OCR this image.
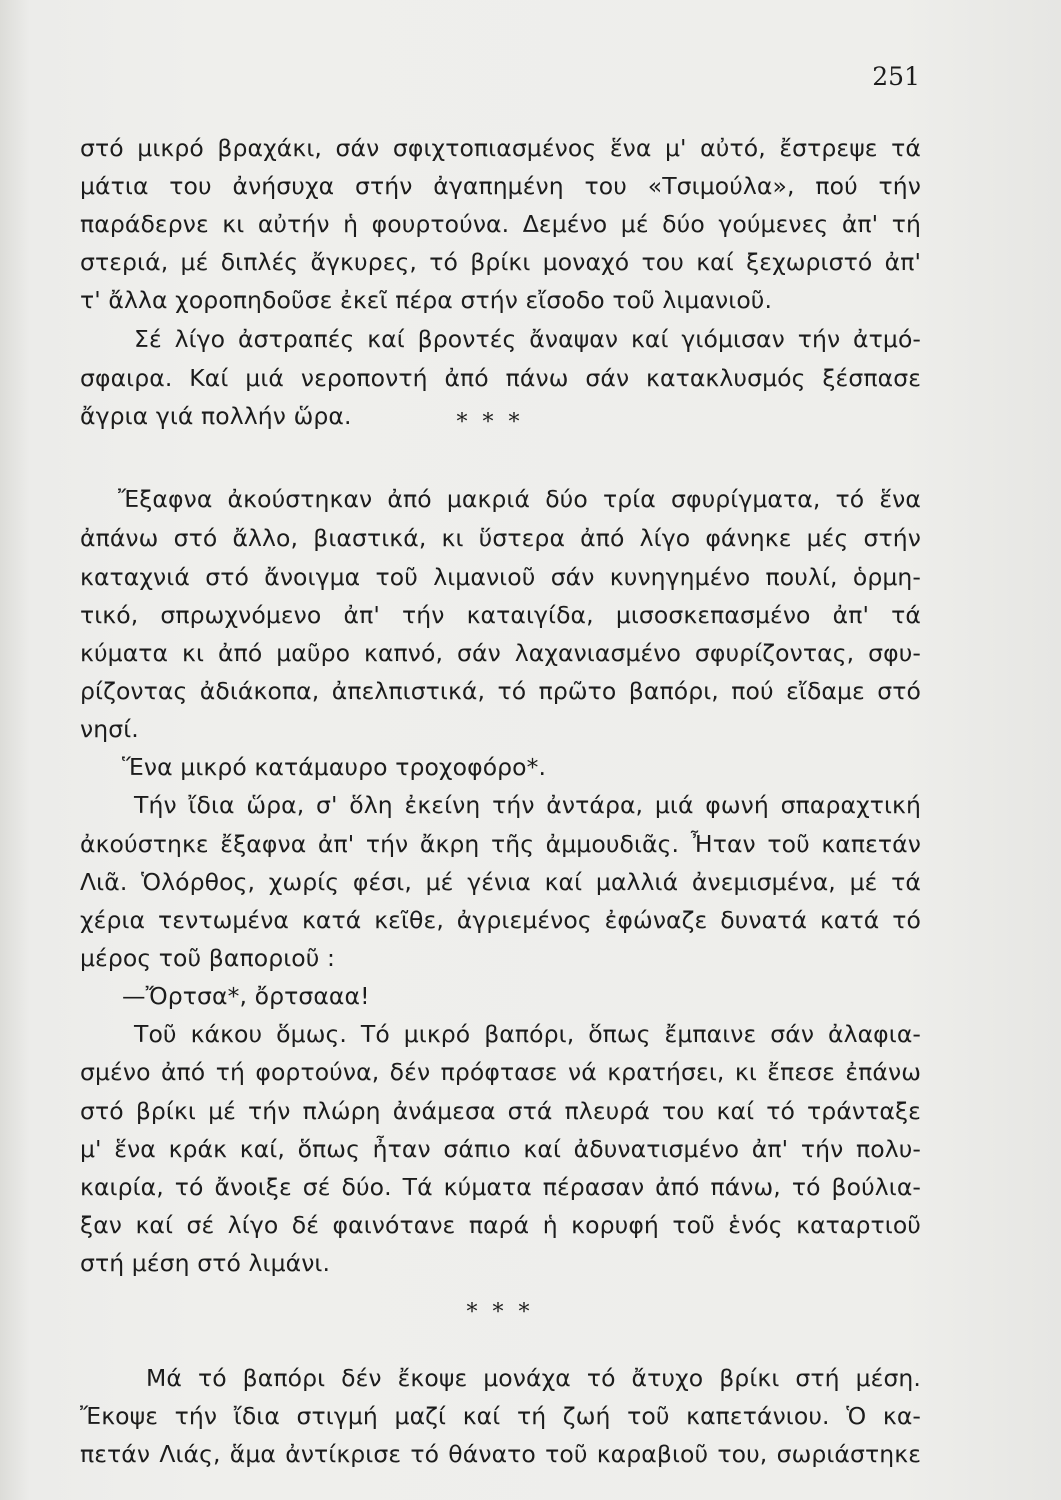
251
στό μικρό βραχάκι, σάν σφιχτοπιασμένος ἕνα μ' αὐτό, ἔστρεψε τά
μάτια του ἀνήσυχα στήν ἀγαπημένη του «Τσιμούλα», πού τήν
παράδερνε κι αὐτήν ἡ φουρτούνα. Δεμένο μέ δύο γούμενες ἀπ' τή
στεριά, μέ διπλές ἄγκυρες, τό βρίκι μοναχό του καί ξεχωριστό ἀπ'
τ' ἄλλα χοροπηδοῦσε ἐκεῖ πέρα στήν εἴσοδο τοῦ λιμανιοῦ.
Σέ λίγο ἀστραπές καί βροντές ἄναψαν καί γιόμισαν τήν ἀτμό-
σφαιρα. Καί μιά νεροποντή ἀπό πάνω σάν κατακλυσμός ξέσπασε
ἄγρια γιά πολλήν ὥρα.	* * *
Ἔξαφνα ἀκούστηκαν ἀπό μακριά δύο τρία σφυρίγματα, τό ἕνα
ἀπάνω στό ἄλλο, βιαστικά, κι ὕστερα ἀπό λίγο φάνηκε μές στήν
καταχνιά στό ἄνοιγμα τοῦ λιμανιοῦ σάν κυνηγημένο πουλί, ὁρμη-
τικό, σπρωχνόμενο ἀπ' τήν καταιγίδα, μισοσκεπασμένο ἀπ' τά
κύματα κι ἀπό μαῦρο καπνό, σάν λαχανιασμένο σφυρίζοντας, σφυ-
ρίζοντας ἀδιάκοπα, ἀπελπιστικά, τό πρῶτο βαπόρι, πού εἴδαμε στό
νησί.
Ἕνα μικρό κατάμαυρο τροχοφόρο*.
Τήν ἴδια ὥρα, σ' ὅλη ἐκείνη τήν ἀντάρα, μιά φωνή σπαραχτική
ἀκούστηκε ἔξαφνα ἀπ' τήν ἄκρη τῆς ἀμμουδιᾶς. Ἦταν τοῦ καπετάν
Λιᾶ. Ὁλόρθος, χωρίς φέσι, μέ γένια καί μαλλιά ἀνεμισμένα, μέ τά
χέρια τεντωμένα κατά κεῖθε, ἀγριεμένος ἐφώναζε δυνατά κατά τό
μέρος τοῦ βαποριοῦ :
—Ὄρτσα*, ὄρτσααα!
Τοῦ κάκου ὅμως. Τό μικρό βαπόρι, ὅπως ἔμπαινε σάν ἀλαφια-
σμένο ἀπό τή φορτούνα, δέν πρόφτασε νά κρατήσει, κι ἔπεσε ἐπάνω
στό βρίκι μέ τήν πλώρη ἀνάμεσα στά πλευρά του καί τό τράνταξε
μ' ἕνα κράκ καί, ὅπως ἦταν σάπιο καί ἀδυνατισμένο ἀπ' τήν πολυ-
καιρία, τό ἄνοιξε σέ δύο. Τά κύματα πέρασαν ἀπό πάνω, τό βούλια-
ξαν καί σέ λίγο δέ φαινότανε παρά ἡ κορυφή τοῦ ἑνός καταρτιοῦ
στή μέση στό λιμάνι.
* * *
Μά τό βαπόρι δέν ἔκοψε μονάχα τό ἄτυχο βρίκι στή μέση.
Ἔκοψε τήν ἴδια στιγμή μαζί καί τή ζωή τοῦ καπετάνιου. Ὁ κα-
πετάν Λιάς, ἅμα ἀντίκρισε τό θάνατο τοῦ καραβιοῦ του, σωριάστηκε
